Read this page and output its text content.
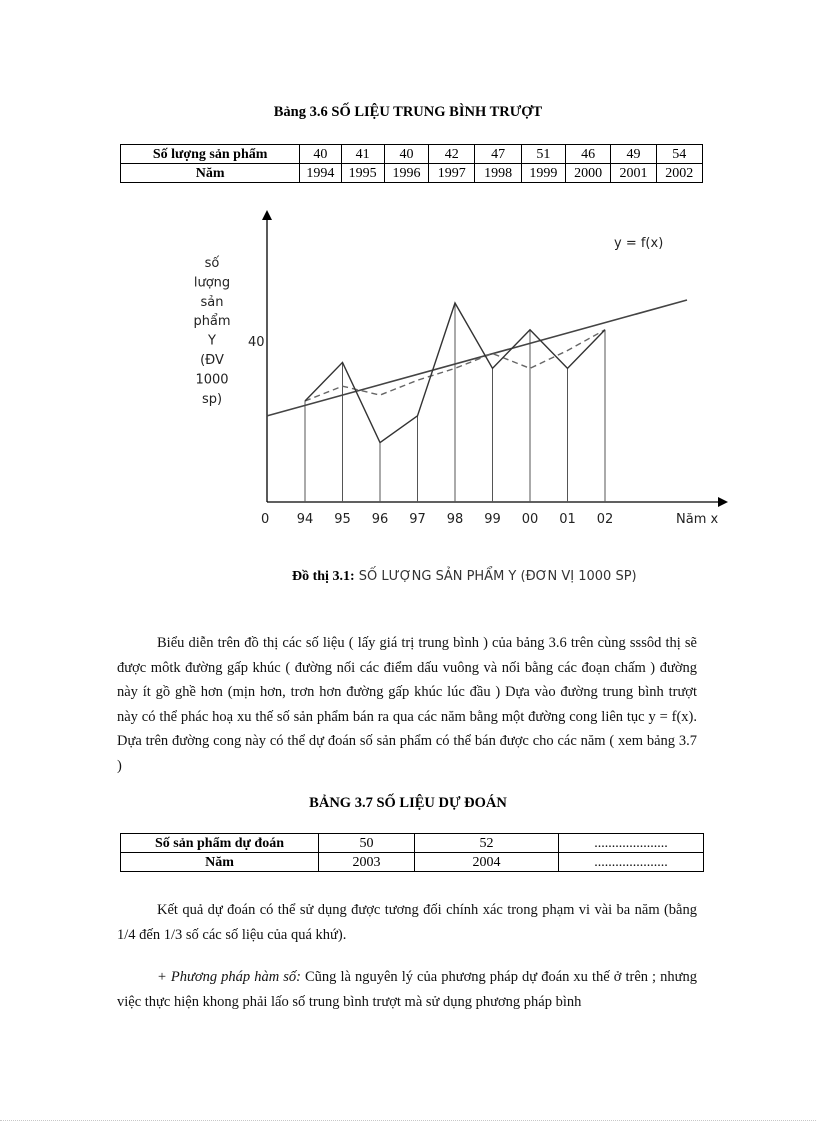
Bảng 3.6 SỐ LIỆU TRUNG BÌNH TRƯỢT
Số lượng sản phẩm	40	41	40	42	47	51	46	49	54
Năm	1994	1995	1996	1997	1998	1999	2000	2001	2002
số
lượng
sản
phẩm
Y
(ĐV
1000
sp)
40
0	Năm x
y = f(x)
94 95 96 97 98 99 00 01 02
Đồ thị 3.1: SỐ LƯỢNG SẢN PHẨM Y (ĐƠN VỊ 1000 SP)
Biểu diễn trên đồ thị các số liệu ( lấy giá trị trung bình ) của bảng 3.6 trên cùng sssôd thị sẽ được môtk đường gấp khúc ( đường nối các điểm dấu vuông và nối bằng các đoạn chấm ) đường này ít gồ ghề hơn (mịn hơn, trơn hơn đường gấp khúc lúc đầu ) Dựa vào đường trung bình trượt này có thể phác hoạ xu thế số sản phẩm bán ra qua các năm bằng một đường cong liên tục y = f(x). Dựa trên đường cong này có thể dự đoán số sản phẩm có thể bán được cho các năm ( xem bảng 3.7 )
BẢNG 3.7 SỐ LIỆU DỰ ĐOÁN
Số sản phẩm dự đoán	50	52	.....................
Năm	2003	2004	.....................
Kết quả dự đoán có thể sử dụng được tương đối chính xác trong phạm vi vài ba năm (bằng 1/4 đến 1/3 số các số liệu của quá khứ).
+ Phương pháp hàm số: Cũng là nguyên lý của phương pháp dự đoán xu thế ở trên ; nhưng việc thực hiện khong phải lấo số trung bình trượt mà sử dụng phương pháp bình
